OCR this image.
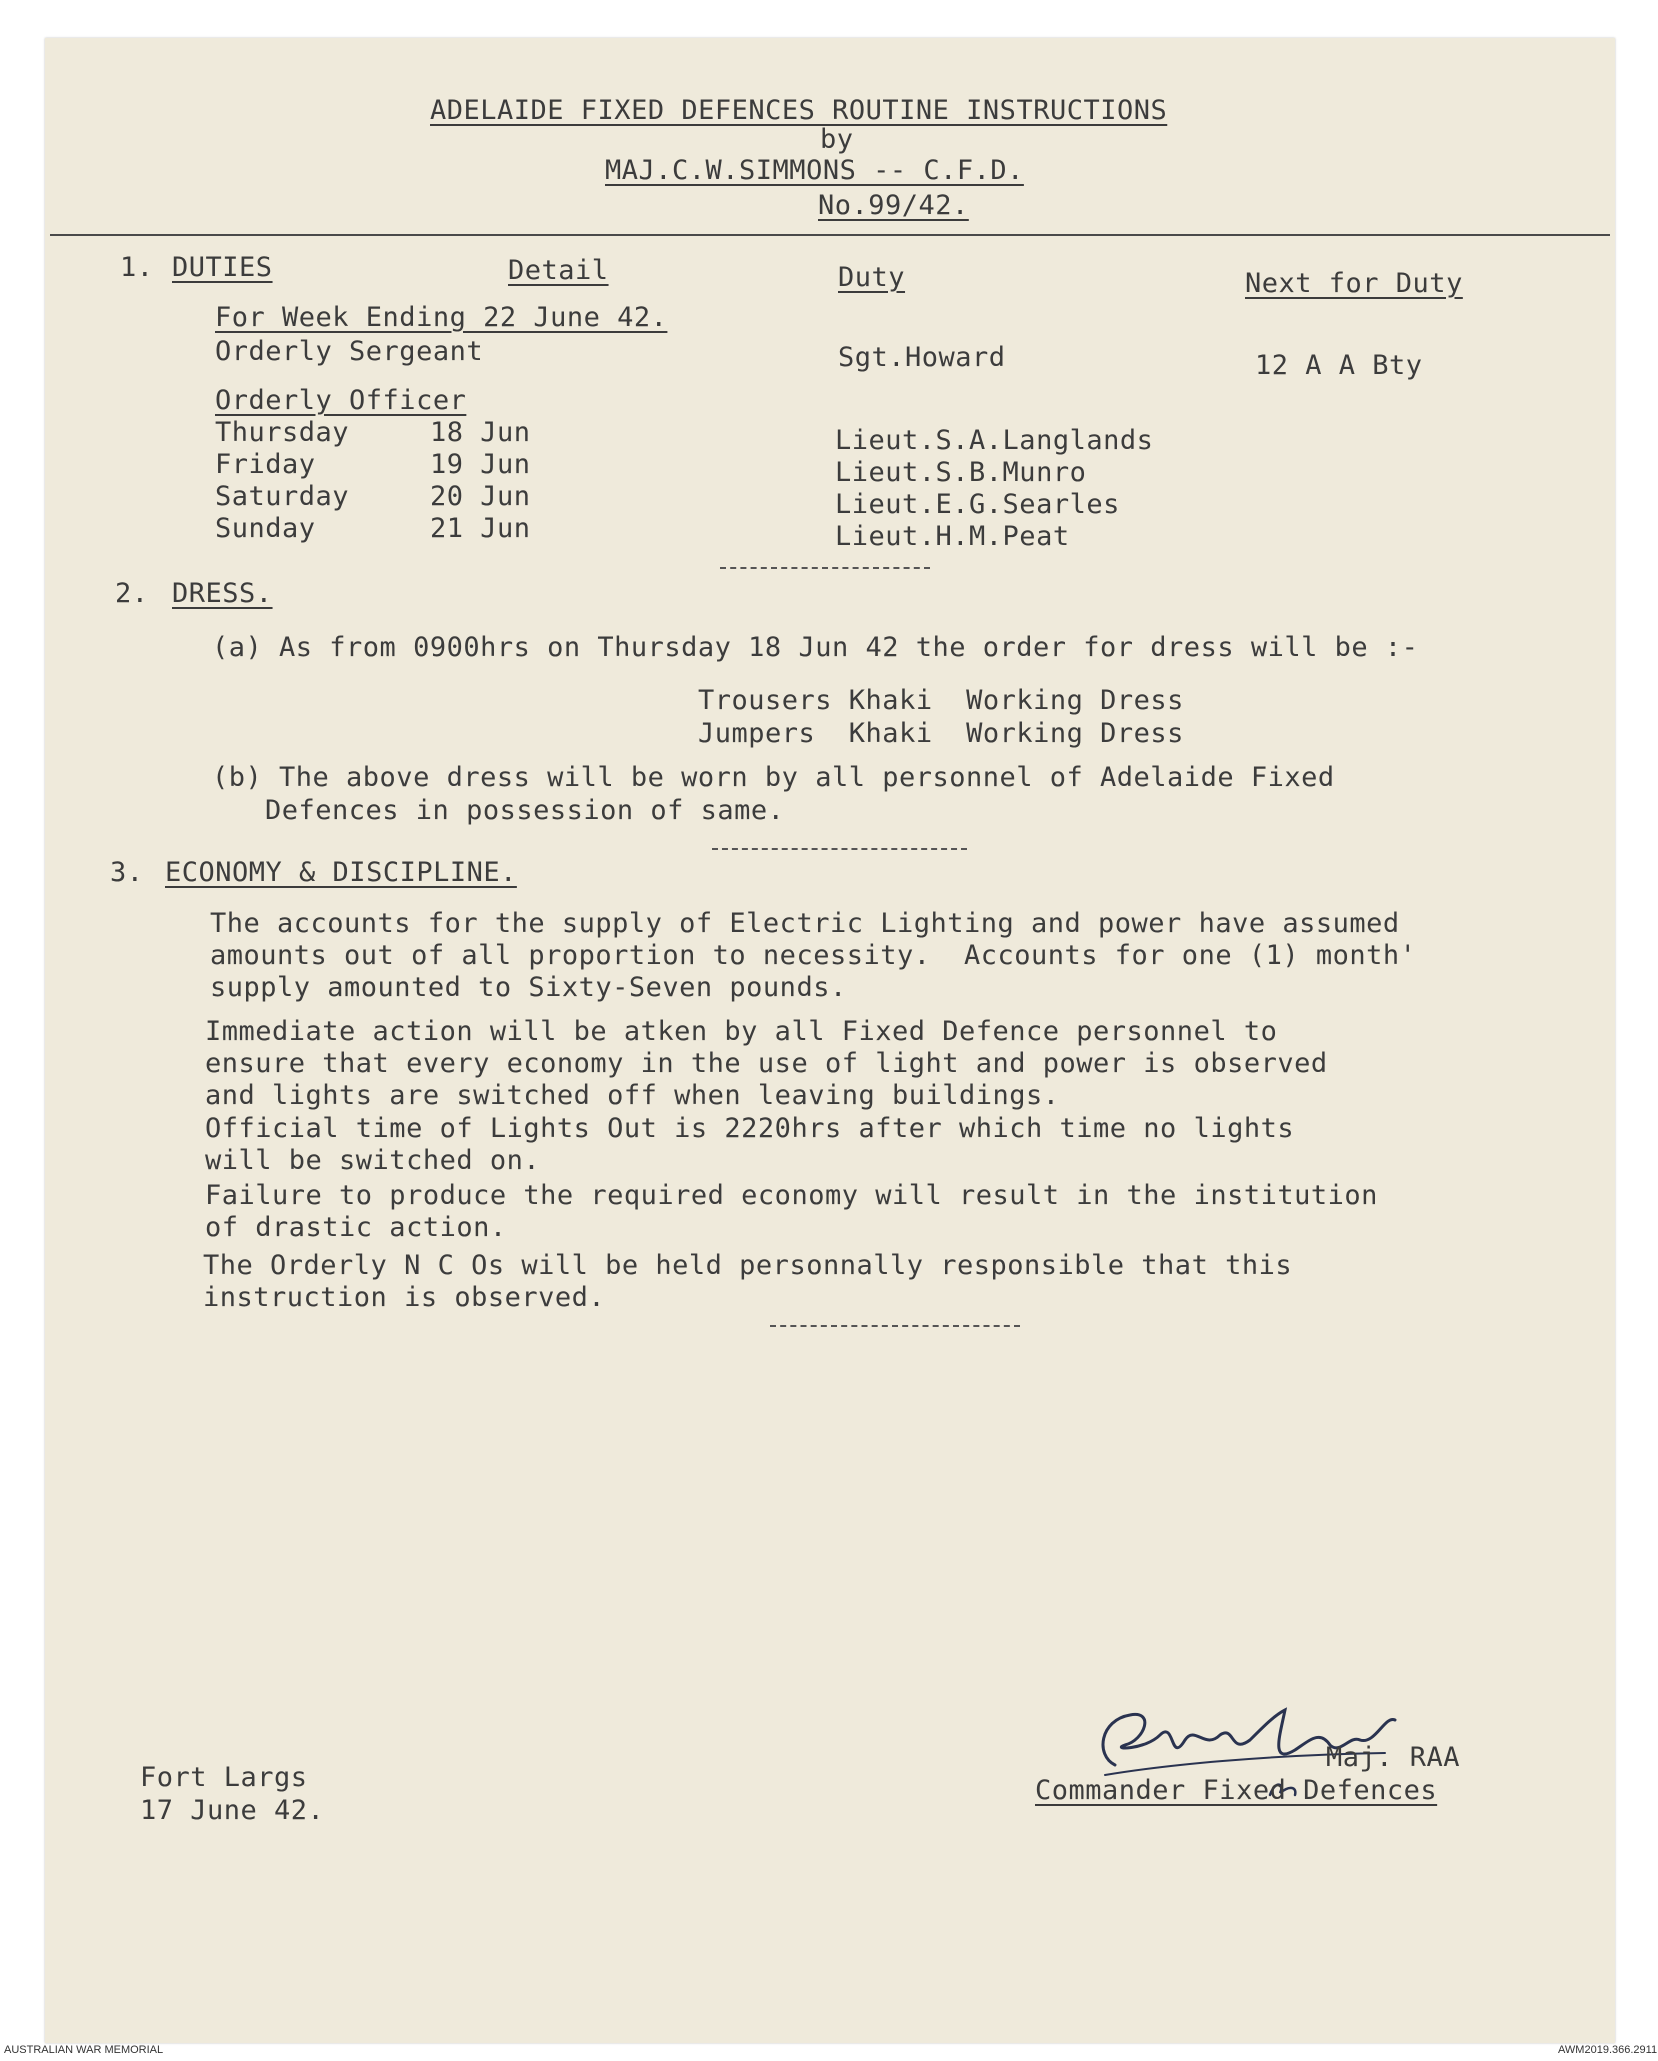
ADELAIDE FIXED DEFENCES ROUTINE INSTRUCTIONS
by
MAJ.C.W.SIMMONS -- C.F.D.
No.99/42.
1. DUTIES	Detail	Duty	Next for Duty
For Week Ending 22 June 42.
Orderly Sergeant	Sgt.Howard	12 A A Bty
Orderly Officer
Thursday	18 Jun	Lieut.S.A.Langlands
Friday	19 Jun	Lieut.S.B.Munro
Saturday	20 Jun	Lieut.E.G.Searles
Sunday	21 Jun	Lieut.H.M.Peat
2. DRESS.
(a) As from 0900hrs on Thursday 18 Jun 42 the order for dress will be :-
Trousers Khaki  Working Dress
Jumpers  Khaki  Working Dress
(b) The above dress will be worn by all personnel of Adelaide Fixed
Defences in possession of same.
3. ECONOMY & DISCIPLINE.
The accounts for the supply of Electric Lighting and power have assumed
amounts out of all proportion to necessity.  Accounts for one (1) month'
supply amounted to Sixty-Seven pounds.
Immediate action will be atken by all Fixed Defence personnel to
ensure that every economy in the use of light and power is observed
and lights are switched off when leaving buildings.
Official time of Lights Out is 2220hrs after which time no lights
will be switched on.
Failure to produce the required economy will result in the institution
of drastic action.
The Orderly N C Os will be held personnally responsible that this
instruction is observed.
Maj. RAA
Commander Fixed Defences
Fort Largs
17 June 42.
AUSTRALIAN WAR MEMORIAL	AWM2019.366.2911
